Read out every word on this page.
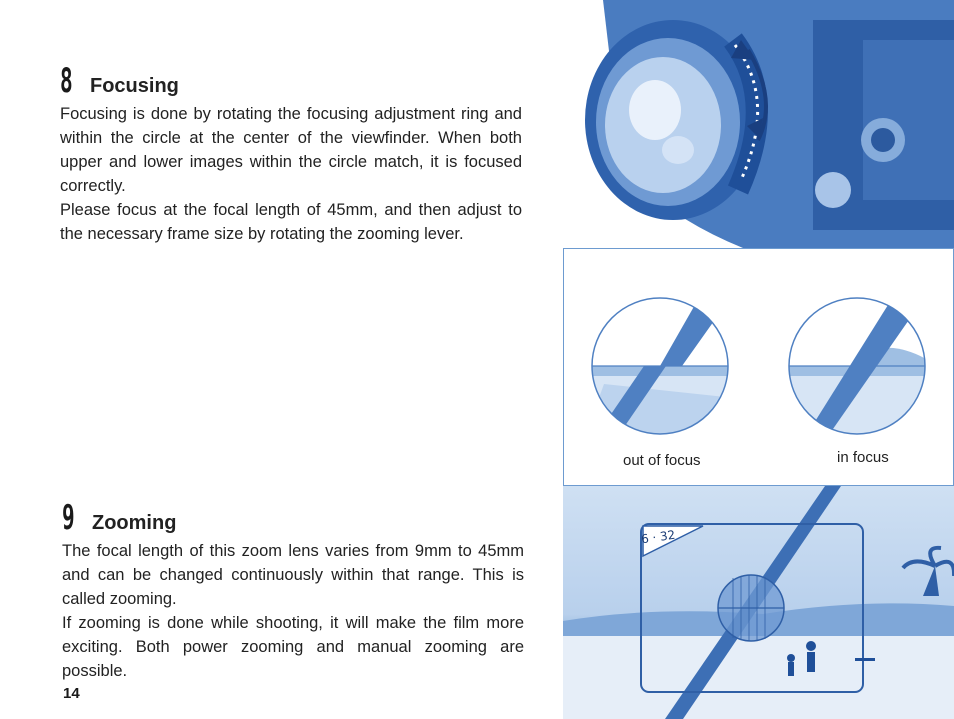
8 Focusing

Focusing is done by rotating the focusing adjustment ring and within the circle at the center of the viewfinder. When both upper and lower images within the circle match, it is focused correctly.

Please focus at the focal length of 45mm, and then adjust to the necessary frame size by rotating the zooming lever.

9 Zooming

The focal length of this zoom lens varies from 9mm to 45mm and can be changed continuously within that range. This is called zooming.

If zooming is done while shooting, it will make the film more exciting. Both power zooming and manual zooming are possible.

14
out of focus	in focus
6 · 32
